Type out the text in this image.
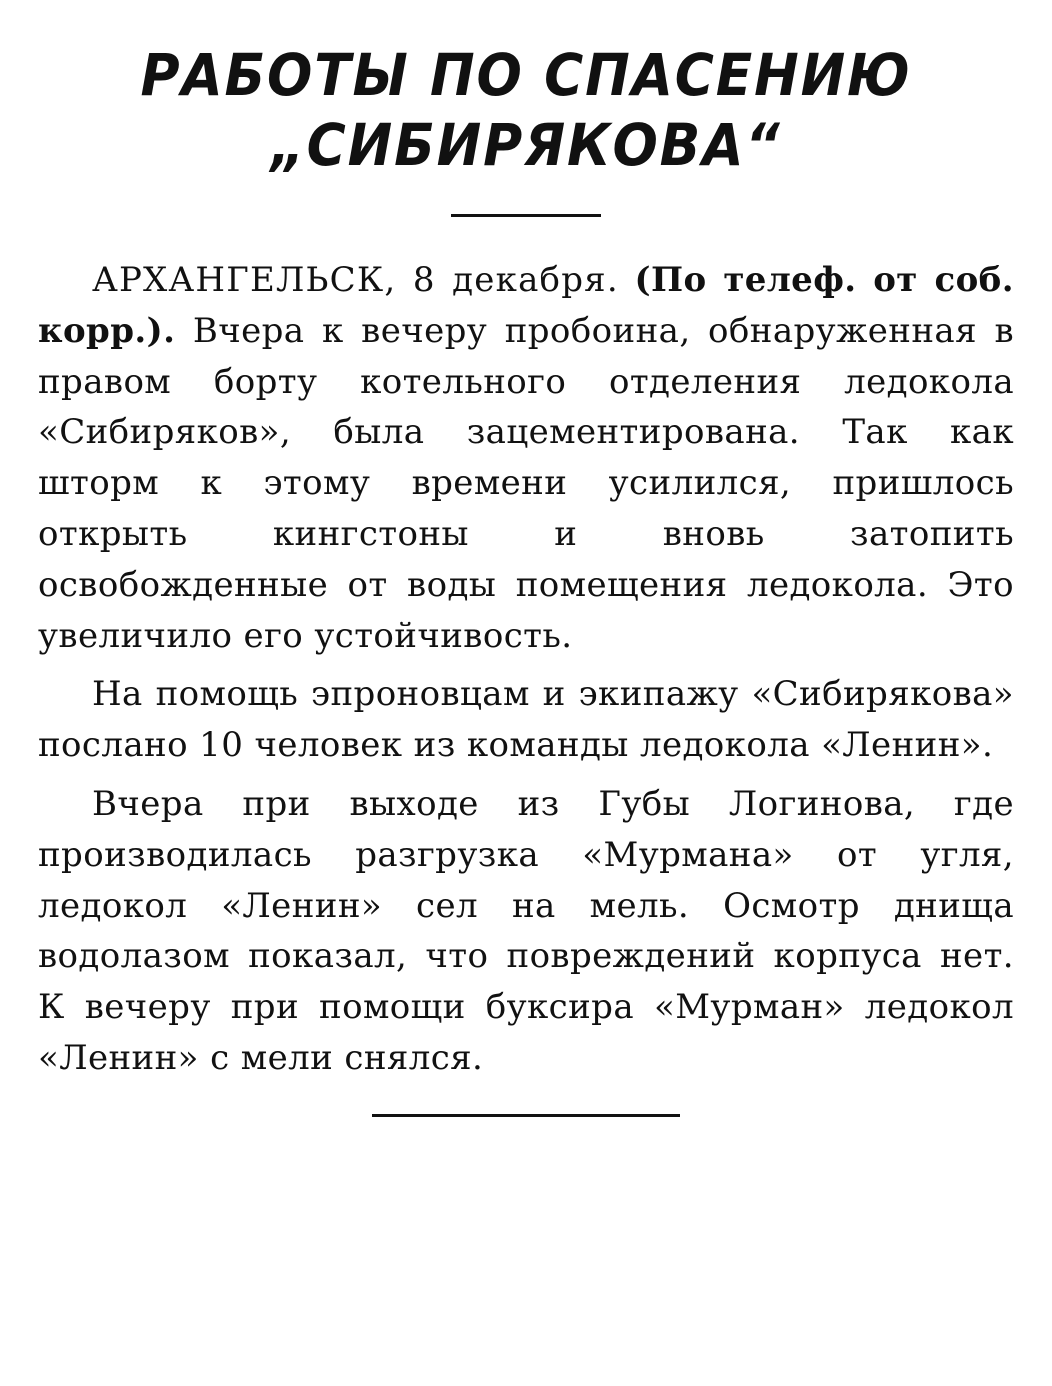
РАБОТЫ ПО СПАСЕНИЮ
„СИБИРЯКОВА“

АРХАНГЕЛЬСК, 8 декабря. (По телеф. от соб. корр.). Вчера к вечеру пробоина, обнаруженная в правом борту котельного отделения ледокола «Сибиряков», была зацементирована. Так как шторм к этому времени усилился, пришлось открыть кингстоны и вновь затопить освобожденные от воды помещения ледокола. Это увеличило его устойчивость.

На помощь эпроновцам и экипажу «Сибирякова» послано 10 человек из команды ледокола «Ленин».

Вчера при выходе из Губы Логинова, где производилась разгрузка «Мурмана» от угля, ледокол «Ленин» сел на мель. Осмотр днища водолазом показал, что повреждений корпуса нет. К вечеру при помощи буксира «Мурман» ледокол «Ленин» с мели снялся.
